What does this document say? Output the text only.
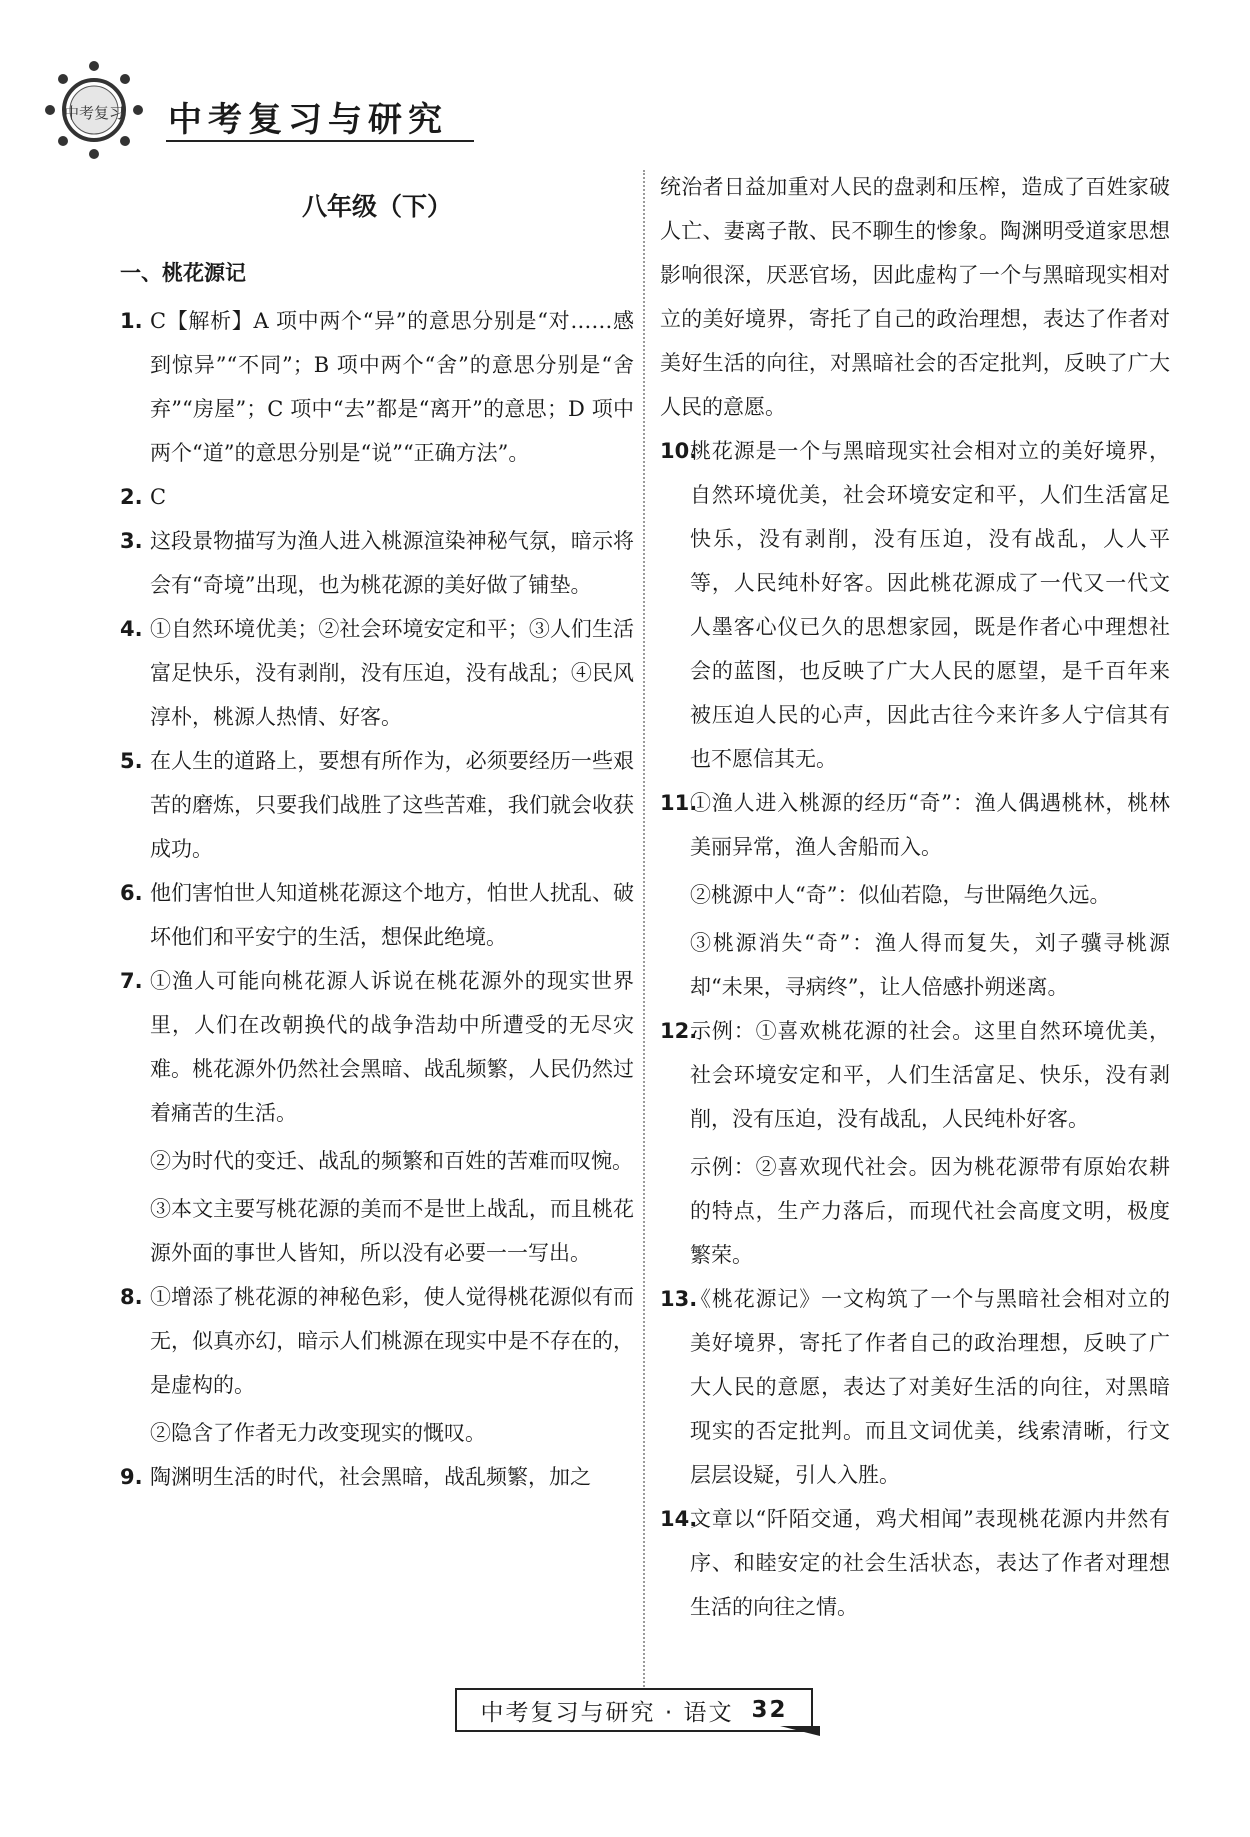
中考复习 中考复习与研究
八年级（下）
一、桃花源记

1. C【解析】A 项中两个“异”的意思分别是“对……感到惊异”“不同”；B 项中两个“舍”的意思分别是“舍弃”“房屋”；C 项中“去”都是“离开”的意思；D 项中两个“道”的意思分别是“说”“正确方法”。

2. C

3. 这段景物描写为渔人进入桃源渲染神秘气氛，暗示将会有“奇境”出现，也为桃花源的美好做了铺垫。

4. ①自然环境优美；②社会环境安定和平；③人们生活富足快乐，没有剥削，没有压迫，没有战乱；④民风淳朴，桃源人热情、好客。

5. 在人生的道路上，要想有所作为，必须要经历一些艰苦的磨炼，只要我们战胜了这些苦难，我们就会收获成功。

6. 他们害怕世人知道桃花源这个地方，怕世人扰乱、破坏他们和平安宁的生活，想保此绝境。

7. ①渔人可能向桃花源人诉说在桃花源外的现实世界里，人们在改朝换代的战争浩劫中所遭受的无尽灾难。桃花源外仍然社会黑暗、战乱频繁，人民仍然过着痛苦的生活。
②为时代的变迁、战乱的频繁和百姓的苦难而叹惋。
③本文主要写桃花源的美而不是世上战乱，而且桃花源外面的事世人皆知，所以没有必要一一写出。

8. ①增添了桃花源的神秘色彩，使人觉得桃花源似有而无，似真亦幻，暗示人们桃源在现实中是不存在的，是虚构的。
②隐含了作者无力改变现实的慨叹。

9. 陶渊明生活的时代，社会黑暗，战乱频繁，加之

统治者日益加重对人民的盘剥和压榨，造成了百姓家破人亡、妻离子散、民不聊生的惨象。陶渊明受道家思想影响很深，厌恶官场，因此虚构了一个与黑暗现实相对立的美好境界，寄托了自己的政治理想，表达了作者对美好生活的向往，对黑暗社会的否定批判，反映了广大人民的意愿。

10.
桃花源是一个与黑暗现实社会相对立的美好境界，自然环境优美，社会环境安定和平，人们生活富足快乐，没有剥削，没有压迫，没有战乱，人人平等，人民纯朴好客。因此桃花源成了一代又一代文人墨客心仪已久的思想家园，既是作者心中理想社会的蓝图，也反映了广大人民的愿望，是千百年来被压迫人民的心声，因此古往今来许多人宁信其有也不愿信其无。

11.
①渔人进入桃源的经历“奇”：渔人偶遇桃林，桃林美丽异常，渔人舍船而入。
②桃源中人“奇”：似仙若隐，与世隔绝久远。
③桃源消失“奇”：渔人得而复失，刘子骥寻桃源却“未果，寻病终”，让人倍感扑朔迷离。

12.
示例：①喜欢桃花源的社会。这里自然环境优美，社会环境安定和平，人们生活富足、快乐，没有剥削，没有压迫，没有战乱，人民纯朴好客。
示例：②喜欢现代社会。因为桃花源带有原始农耕的特点，生产力落后，而现代社会高度文明，极度繁荣。

13.
《桃花源记》一文构筑了一个与黑暗社会相对立的美好境界，寄托了作者自己的政治理想，反映了广大人民的意愿，表达了对美好生活的向往，对黑暗现实的否定批判。而且文词优美，线索清晰，行文层层设疑，引人入胜。

14.
文章以“阡陌交通，鸡犬相闻”表现桃花源内井然有序、和睦安定的社会生活状态，表达了作者对理想生活的向往之情。

中考复习与研究 · 语文 32
